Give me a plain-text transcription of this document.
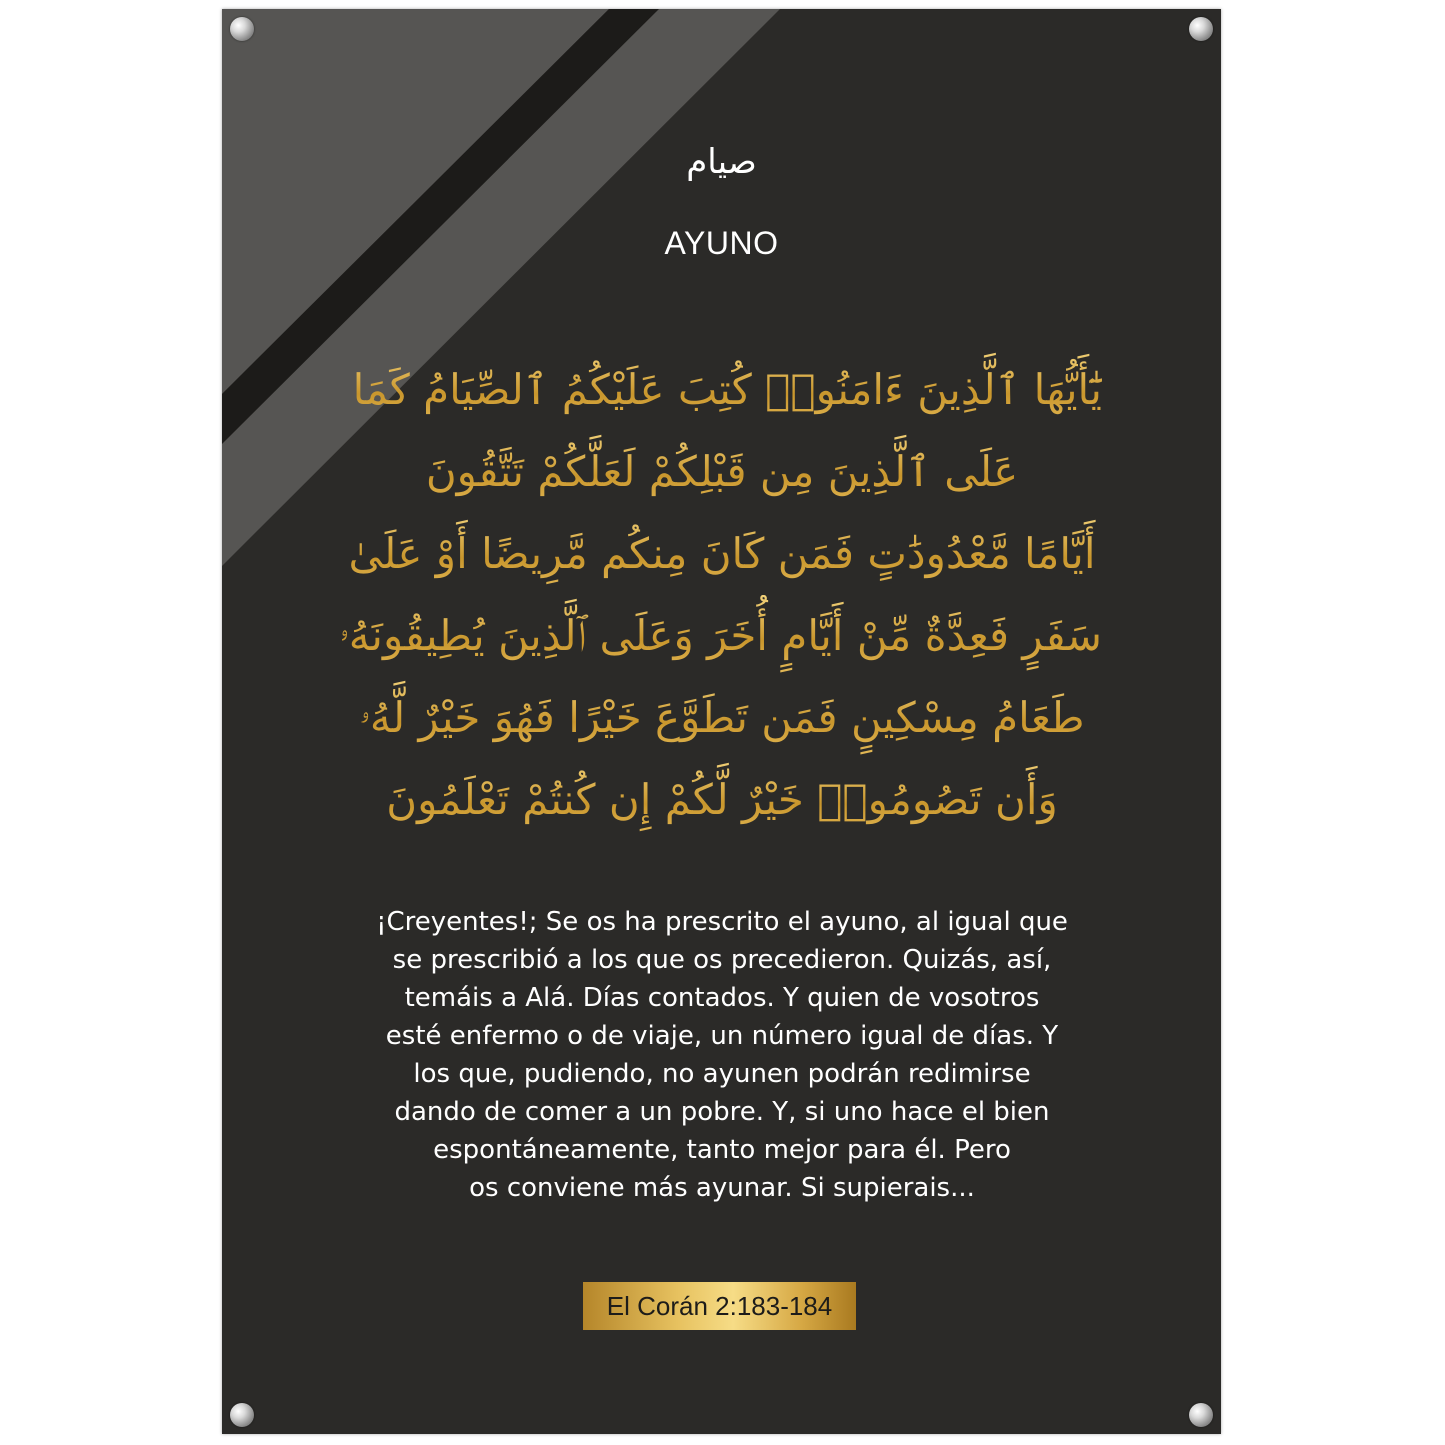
صيام
AYUNO
يَٰٓأَيُّهَا ٱلَّذِينَ ءَامَنُوا۟ كُتِبَ عَلَيْكُمُ ٱلصِّيَامُ كَمَا كُتِبَ
عَلَى ٱلَّذِينَ مِن قَبْلِكُمْ لَعَلَّكُمْ تَتَّقُونَ
أَيَّامًا مَّعْدُودَٰتٍ فَمَن كَانَ مِنكُم مَّرِيضًا أَوْ عَلَىٰ
سَفَرٍ فَعِدَّةٌ مِّنْ أَيَّامٍ أُخَرَ وَعَلَى ٱلَّذِينَ يُطِيقُونَهُۥ فِدْيَةٌ
طَعَامُ مِسْكِينٍ فَمَن تَطَوَّعَ خَيْرًا فَهُوَ خَيْرٌ لَّهُۥ
وَأَن تَصُومُوا۟ خَيْرٌ لَّكُمْ إِن كُنتُمْ تَعْلَمُونَ
¡Creyentes!; Se os ha prescrito el ayuno, al igual que
se prescribió a los que os precedieron. Quizás, así,
temáis a Alá. Días contados. Y quien de vosotros
esté enfermo o de viaje, un número igual de días. Y
los que, pudiendo, no ayunen podrán redimirse
dando de comer a un pobre. Y, si uno hace el bien
espontáneamente, tanto mejor para él. Pero
os conviene más ayunar. Si supierais...
El Corán 2:183-184
